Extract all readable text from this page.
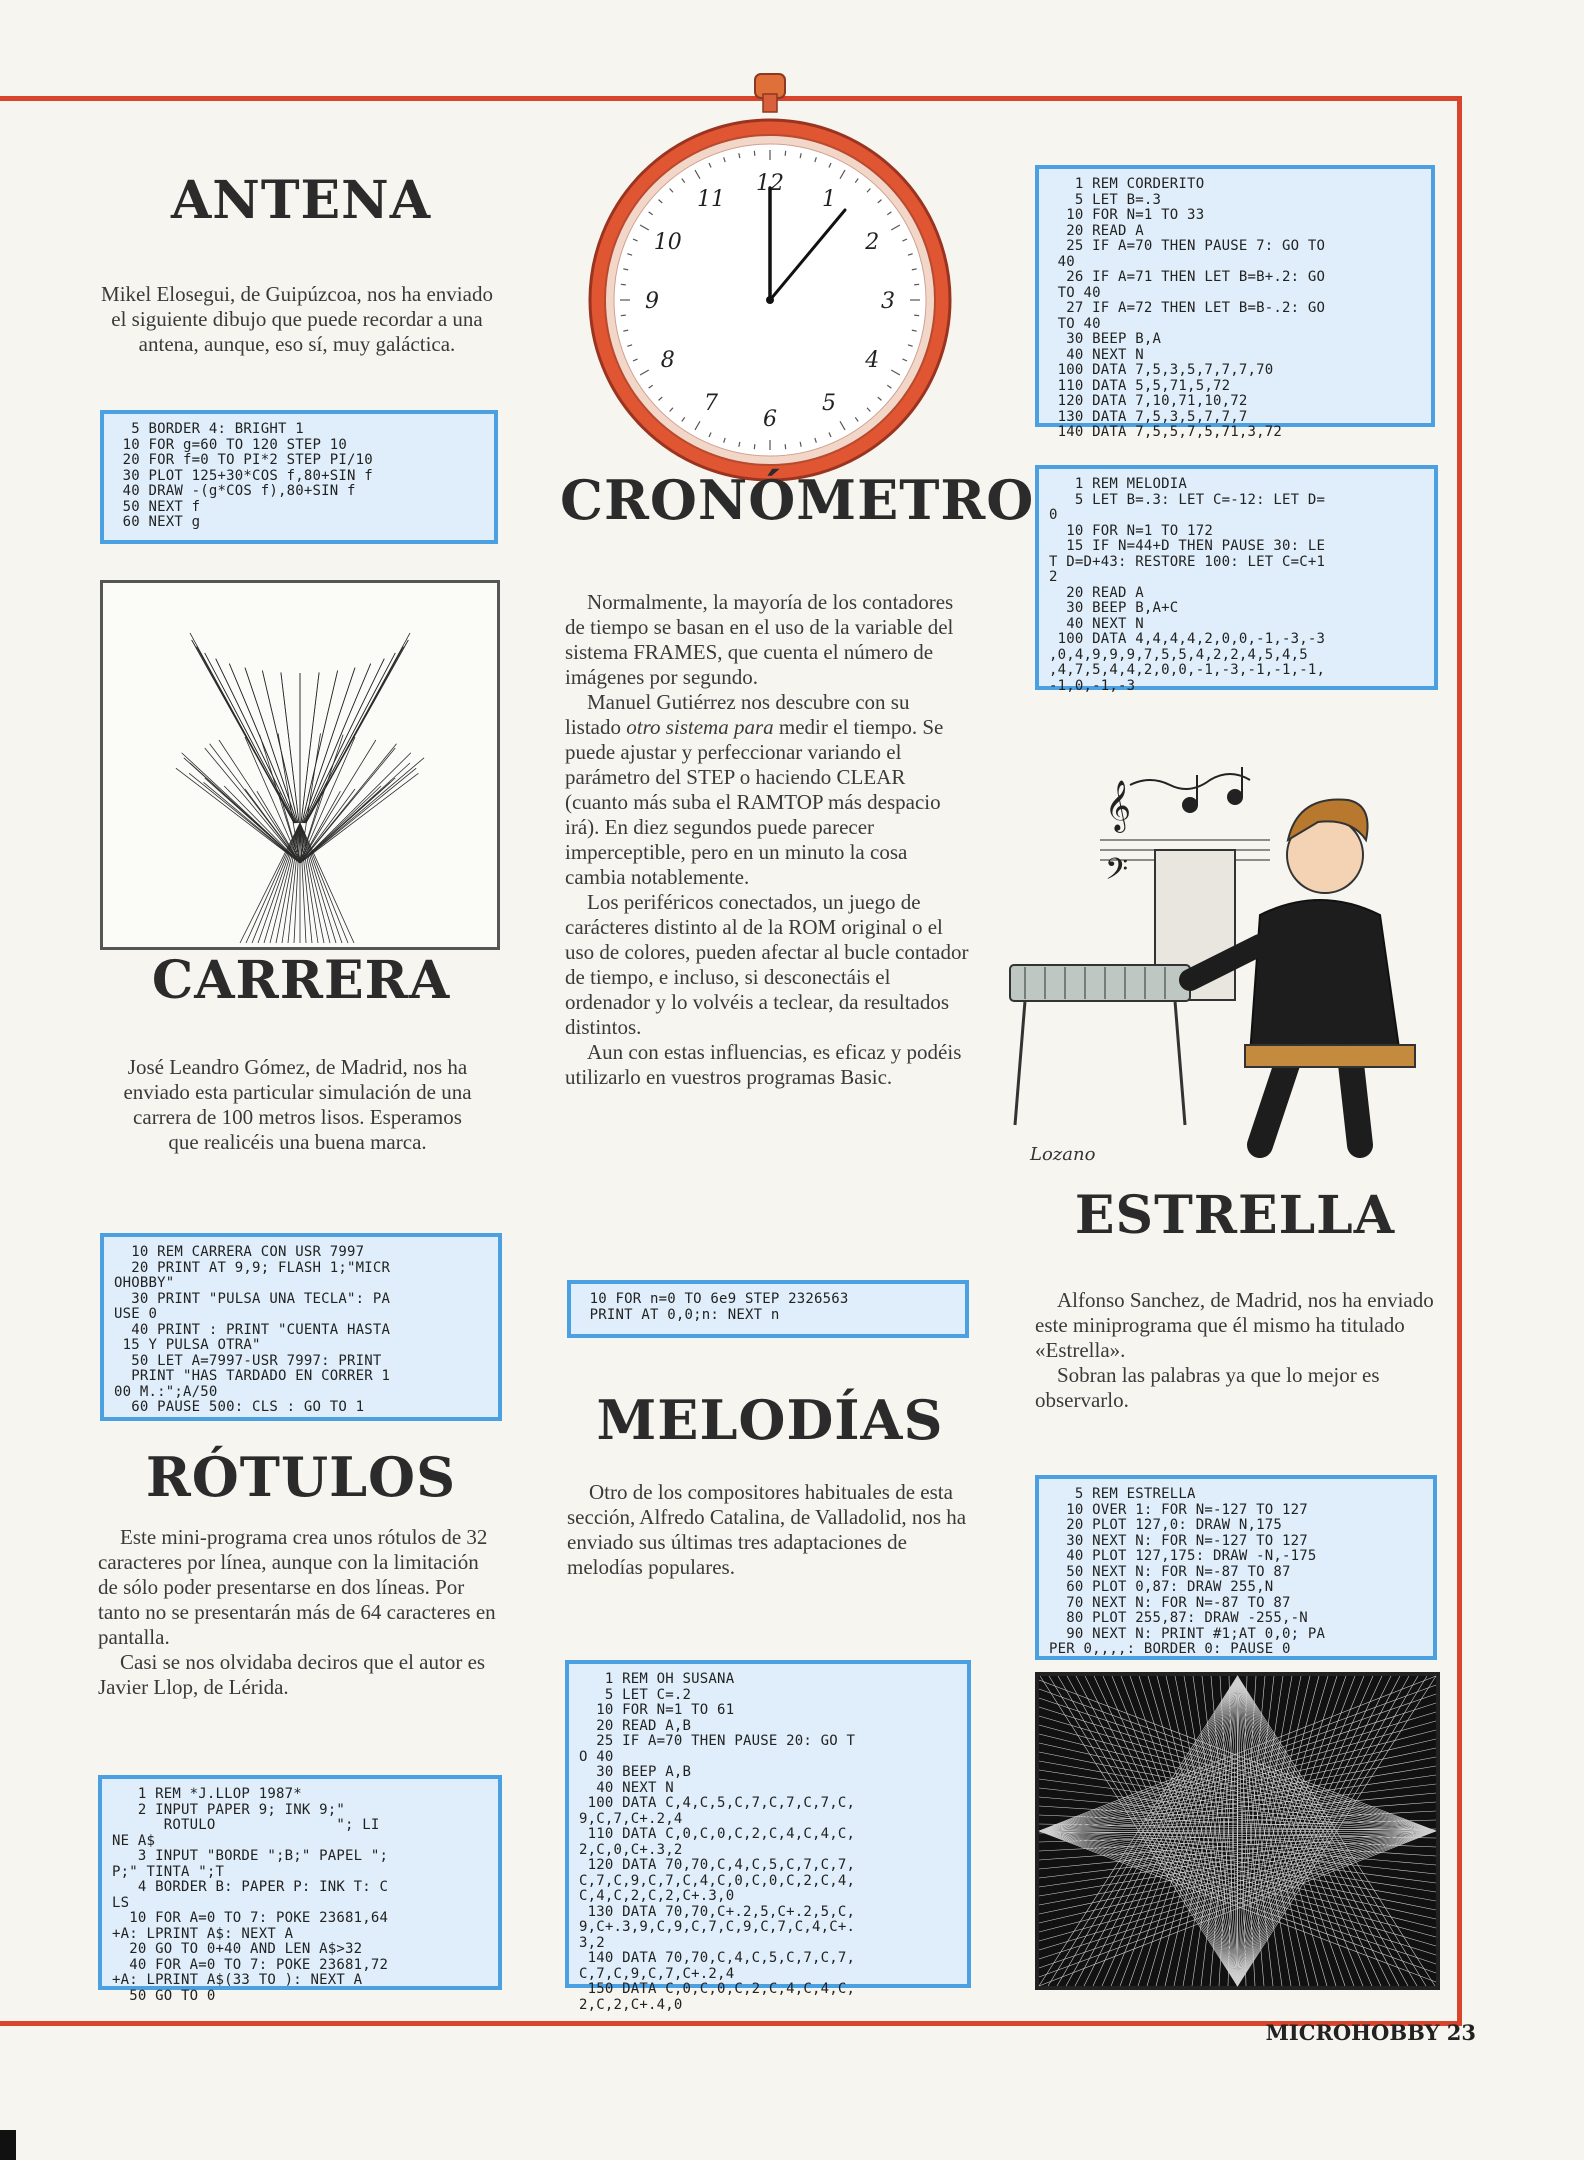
ANTENA

Mikel Elosegui, de Guipúzcoa, nos ha enviado el siguiente dibujo que puede recordar a una antena, aunque, eso sí, muy galáctica.

5 BORDER 4: BRIGHT 1
10 FOR g=60 TO 120 STEP 10
20 FOR f=0 TO PI*2 STEP PI/10
30 PLOT 125+30*COS f,80+SIN f
40 DRAW -(g*COS f),80+SIN f
50 NEXT f
60 NEXT g
CARRERA

José Leandro Gómez, de Madrid, nos ha enviado esta particular simulación de una carrera de 100 metros lisos. Esperamos que realicéis una buena marca.

10 REM CARRERA CON USR 7997
20 PRINT AT 9,9; FLASH 1;"MICR
OHOBBY"
30 PRINT "PULSA UNA TECLA": PA
USE 0
40 PRINT : PRINT "CUENTA HASTA
15 Y PULSA OTRA"
50 LET A=7997-USR 7997: PRINT
PRINT "HAS TARDADO EN CORRER 1
00 M.:";A/50
60 PAUSE 500: CLS : GO TO 1
RÓTULOS

Este mini-programa crea unos rótulos de 32 caracteres por línea, aunque con la limitación de sólo poder presentarse en dos líneas. Por tanto no se presentarán más de 64 caracteres en pantalla.

Casi se nos olvidaba deciros que el autor es Javier Llop, de Lérida.

1 REM *J.LLOP 1987*
2 INPUT PAPER 9; INK 9;"
ROTULO              "; LI
NE A$
3 INPUT "BORDE ";B;" PAPEL ";
P;" TINTA ";T
4 BORDER B: PAPER P: INK T: C
LS
10 FOR A=0 TO 7: POKE 23681,64
+A: LPRINT A$: NEXT A
20 GO TO 0+40 AND LEN A$>32
40 FOR A=0 TO 7: POKE 23681,72
+A: LPRINT A$(33 TO ): NEXT A
50 GO TO 0
12
1
2
3
4
5
6
7
8
9
10
11
CRONÓMETRO

Normalmente, la mayoría de los contadores de tiempo se basan en el uso de la variable del sistema FRAMES, que cuenta el número de imágenes por segundo.

Manuel Gutiérrez nos descubre con su listado otro sistema para medir el tiempo. Se puede ajustar y perfeccionar variando el parámetro del STEP o haciendo CLEAR (cuanto más suba el RAMTOP más despacio irá). En diez segundos puede parecer imperceptible, pero en un minuto la cosa cambia notablemente.

Los periféricos conectados, un juego de carácteres distinto al de la ROM original o el uso de colores, pueden afectar al bucle contador de tiempo, e incluso, si desconectáis el ordenador y lo volvéis a teclear, da resultados distintos.

Aun con estas influencias, es eficaz y podéis utilizarlo en vuestros programas Basic.

10 FOR n=0 TO 6e9 STEP 2326563
PRINT AT 0,0;n: NEXT n
MELODÍAS

Otro de los compositores habituales de esta sección, Alfredo Catalina, de Valladolid, nos ha enviado sus últimas tres adaptaciones de melodías populares.

1 REM OH SUSANA
5 LET C=.2
10 FOR N=1 TO 61
20 READ A,B
25 IF A=70 THEN PAUSE 20: GO T
O 40
30 BEEP A,B
40 NEXT N
100 DATA C,4,C,5,C,7,C,7,C,7,C,
9,C,7,C+.2,4
110 DATA C,0,C,0,C,2,C,4,C,4,C,
2,C,0,C+.3,2
120 DATA 70,70,C,4,C,5,C,7,C,7,
C,7,C,9,C,7,C,4,C,0,C,0,C,2,C,4,
C,4,C,2,C,2,C+.3,0
130 DATA 70,70,C+.2,5,C+.2,5,C,
9,C+.3,9,C,9,C,7,C,9,C,7,C,4,C+.
3,2
140 DATA 70,70,C,4,C,5,C,7,C,7,
C,7,C,9,C,7,C+.2,4
150 DATA C,0,C,0,C,2,C,4,C,4,C,
2,C,2,C+.4,0
1 REM CORDERITO
5 LET B=.3
10 FOR N=1 TO 33
20 READ A
25 IF A=70 THEN PAUSE 7: GO TO
40
26 IF A=71 THEN LET B=B+.2: GO
TO 40
27 IF A=72 THEN LET B=B-.2: GO
TO 40
30 BEEP B,A
40 NEXT N
100 DATA 7,5,3,5,7,7,7,70
110 DATA 5,5,71,5,72
120 DATA 7,10,71,10,72
130 DATA 7,5,3,5,7,7,7
140 DATA 7,5,5,7,5,71,3,72
1 REM MELODIA
5 LET B=.3: LET C=-12: LET D=
0
10 FOR N=1 TO 172
15 IF N=44+D THEN PAUSE 30: LE
T D=D+43: RESTORE 100: LET C=C+1
2
20 READ A
30 BEEP B,A+C
40 NEXT N
100 DATA 4,4,4,4,2,0,0,-1,-3,-3
,0,4,9,9,9,7,5,5,4,2,2,4,5,4,5
,4,7,5,4,4,2,0,0,-1,-3,-1,-1,-1,
-1,0,-1,-3
𝄞
𝄢
Lozano
ESTRELLA

Alfonso Sanchez, de Madrid, nos ha enviado este miniprograma que él mismo ha titulado «Estrella».

Sobran las palabras ya que lo mejor es observarlo.

5 REM ESTRELLA
10 OVER 1: FOR N=-127 TO 127
20 PLOT 127,0: DRAW N,175
30 NEXT N: FOR N=-127 TO 127
40 PLOT 127,175: DRAW -N,-175
50 NEXT N: FOR N=-87 TO 87
60 PLOT 0,87: DRAW 255,N
70 NEXT N: FOR N=-87 TO 87
80 PLOT 255,87: DRAW -255,-N
90 NEXT N: PRINT #1;AT 0,0; PA
PER 0,,,,: BORDER 0: PAUSE 0
MICROHOBBY 23
